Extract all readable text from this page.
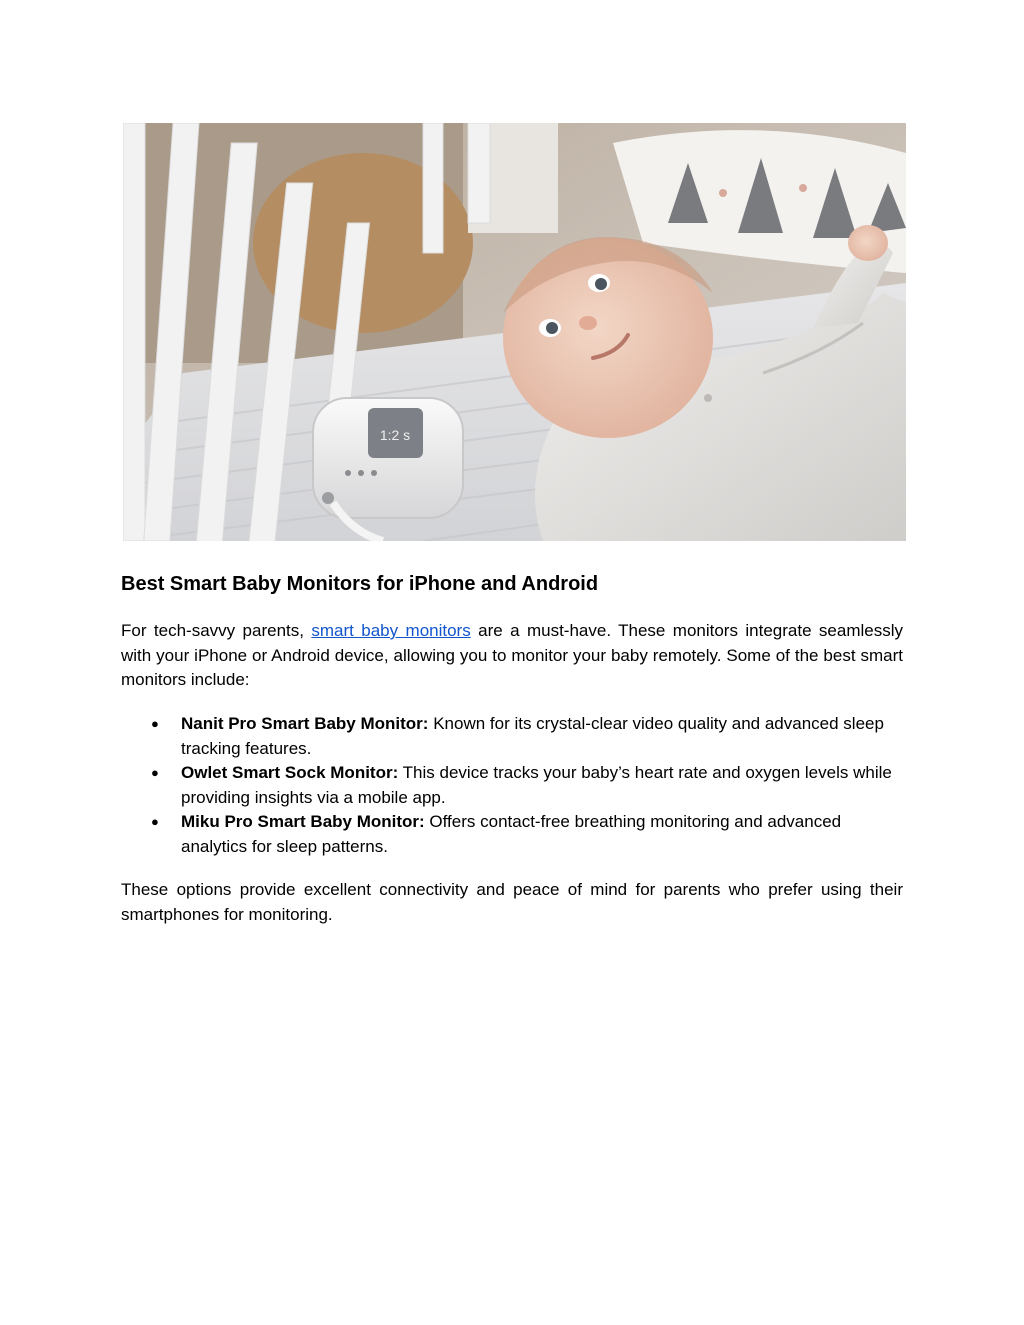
1:2 s
Best Smart Baby Monitors for iPhone and Android

For tech-savvy parents, smart baby monitors are a must-have. These monitors integrate seamlessly with your iPhone or Android device, allowing you to monitor your baby remotely. Some of the best smart monitors include:

● Nanit Pro Smart Baby Monitor: Known for its crystal-clear video quality and advanced sleep tracking features.
● Owlet Smart Sock Monitor: This device tracks your baby’s heart rate and oxygen levels while providing insights via a mobile app.
● Miku Pro Smart Baby Monitor: Offers contact-free breathing monitoring and advanced analytics for sleep patterns.

These options provide excellent connectivity and peace of mind for parents who prefer using their smartphones for monitoring.
